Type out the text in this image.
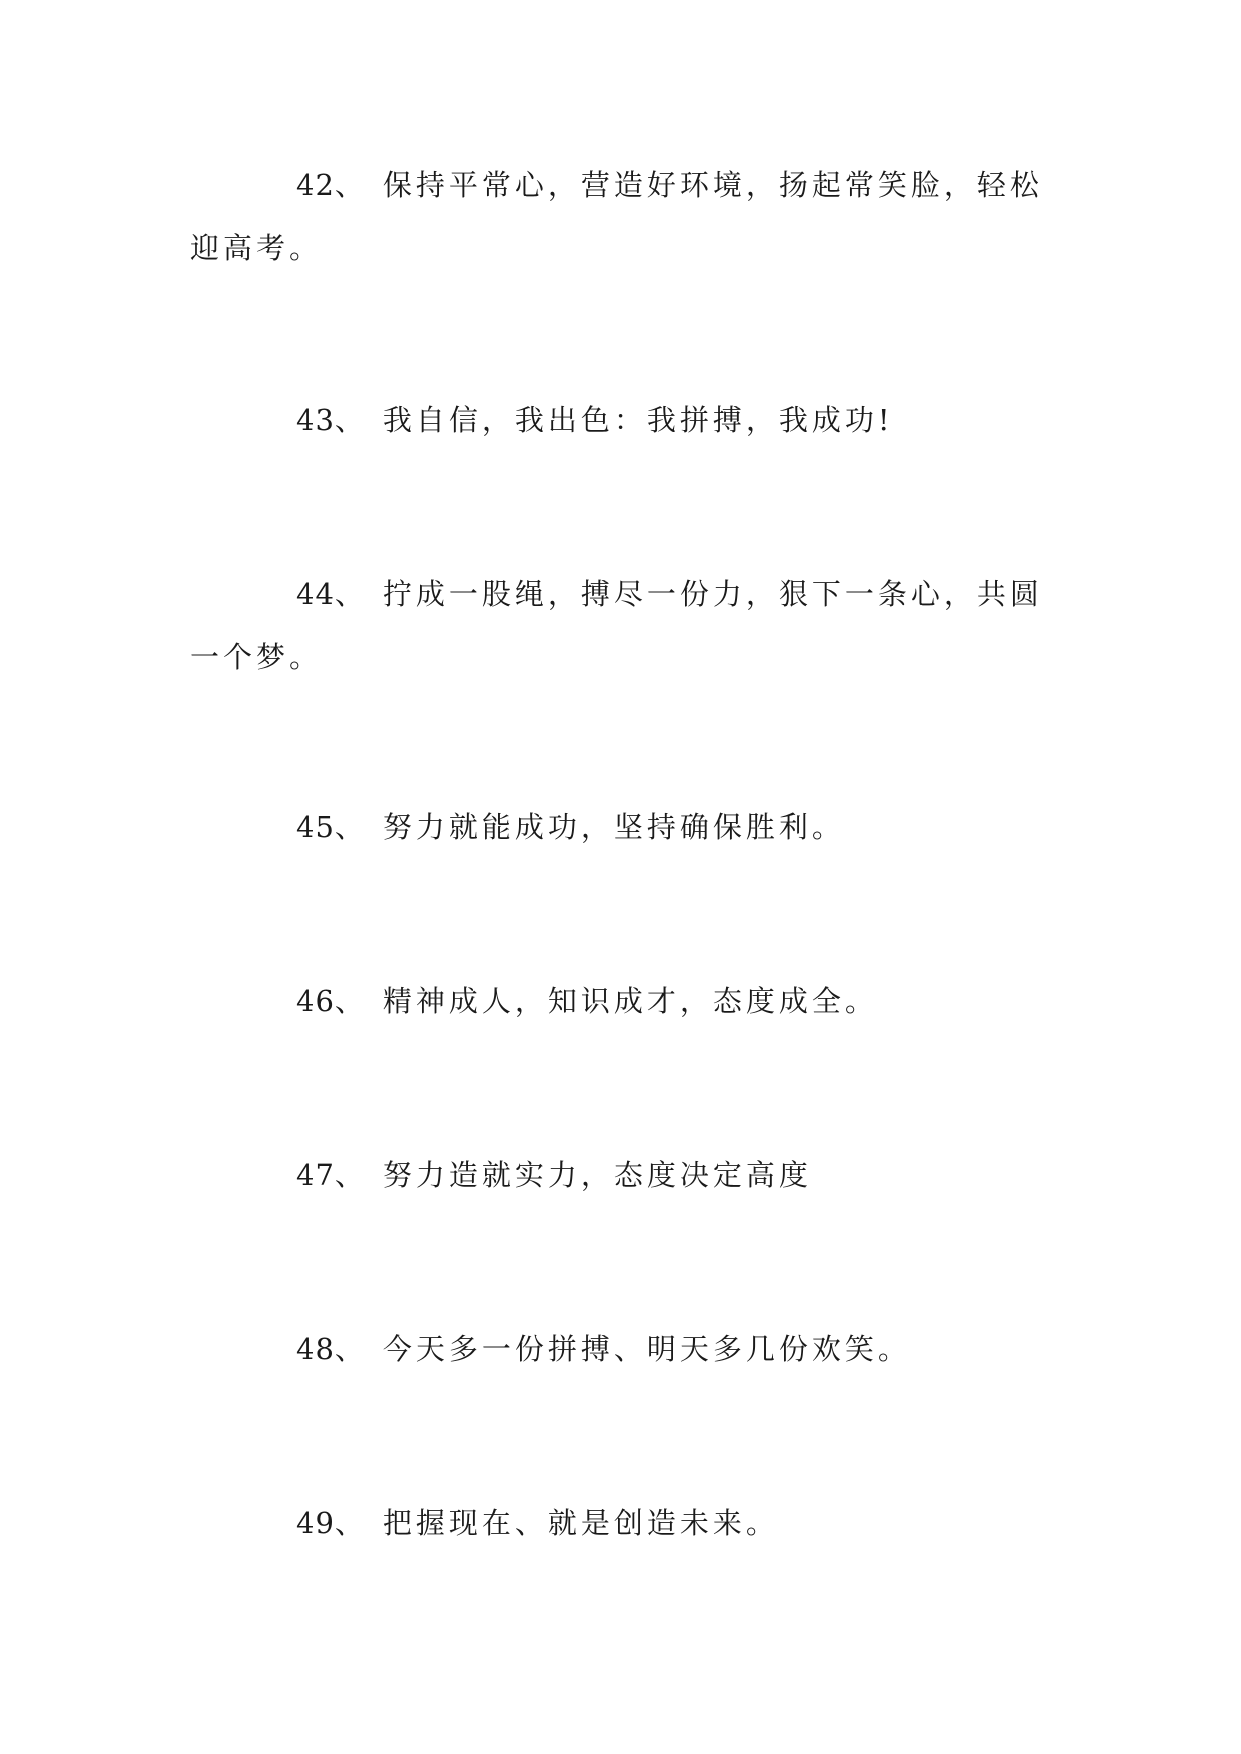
42、 保持平常心，营造好环境，扬起常笑脸，轻松迎高考。

43、 我自信，我出色：我拼搏，我成功!

44、 拧成一股绳，搏尽一份力，狠下一条心，共圆一个梦。

45、 努力就能成功，坚持确保胜利。

46、 精神成人，知识成才，态度成全。

47、 努力造就实力，态度决定高度

48、 今天多一份拼搏、明天多几份欢笑。

49、 把握现在、就是创造未来。
